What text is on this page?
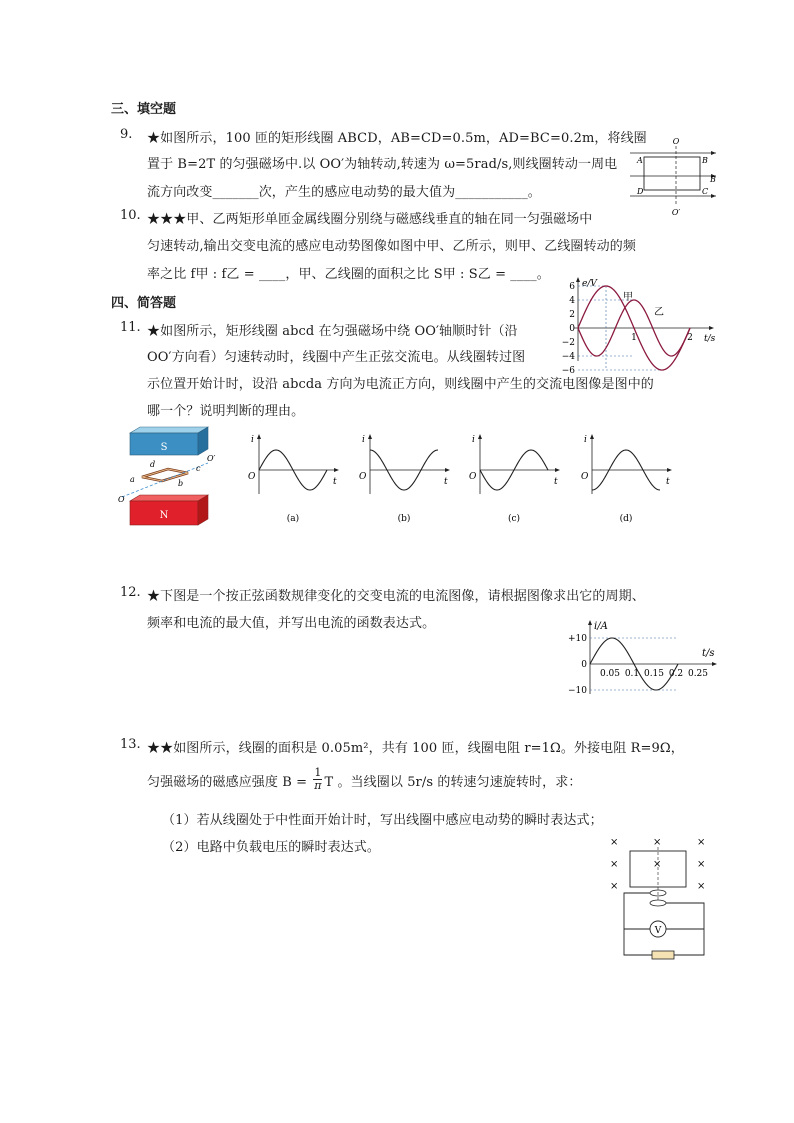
三、填空题
9. ★如图所示，100 匝的矩形线圈 ABCD，AB=CD=0.5m，AD=BC=0.2m，将线圈
置于 B=2T 的匀强磁场中.以 OO′为轴转动,转速为 ω=5rad/s,则线圈转动一周电
流方向改变_______次，产生的感应电动势的最大值为___________。
O
A	B
B
D	C
O′
10. ★★★甲、乙两矩形单匝金属线圈分别绕与磁感线垂直的轴在同一匀强磁场中
匀速转动,输出交变电流的感应电动势图像如图中甲、乙所示，则甲、乙线圈转动的频
率之比 f甲 : f乙 = ____，甲、乙线圈的面积之比 S甲 : S乙 = ____。
四、简答题
e/V
t/s
6
4
2
0
−2
−4
−6
1	2
甲
乙
11. ★如图所示，矩形线圈 abcd 在匀强磁场中绕 OO′轴顺时针（沿
OO′方向看）匀速转动时，线圈中产生正弦交流电。从线圈转过图
示位置开始计时，设沿 abcda 方向为电流正方向，则线圈中产生的交流电图像是图中的
哪一个？说明判断的理由。
S
d	c
a	b
O
O′
N
i
t
O
(a)
i
t
O
(b)
i
t
O
(c)
i
t
O
(d)
12. ★下图是一个按正弦函数规律变化的交变电流的电流图像，请根据图像求出它的周期、
频率和电流的最大值，并写出电流的函数表达式。	i/A
t/s
+10
0
−10
0.05 0.1 0.15 0.2 0.25
13. ★★如图所示，线圈的面积是 0.05m²，共有 100 匝，线圈电阻 r=1Ω。外接电阻 R=9Ω，
匀强磁场的磁感应强度 $B = \frac{1}{\pi}$ T 。当线圈以 5r/s 的转速匀速旋转时，求：
（1）若从线圈处于中性面开始计时，写出线圈中感应电动势的瞬时表达式；
（2）电路中负载电压的瞬时表达式。	×	×	×
×	×	×
×	×
V
